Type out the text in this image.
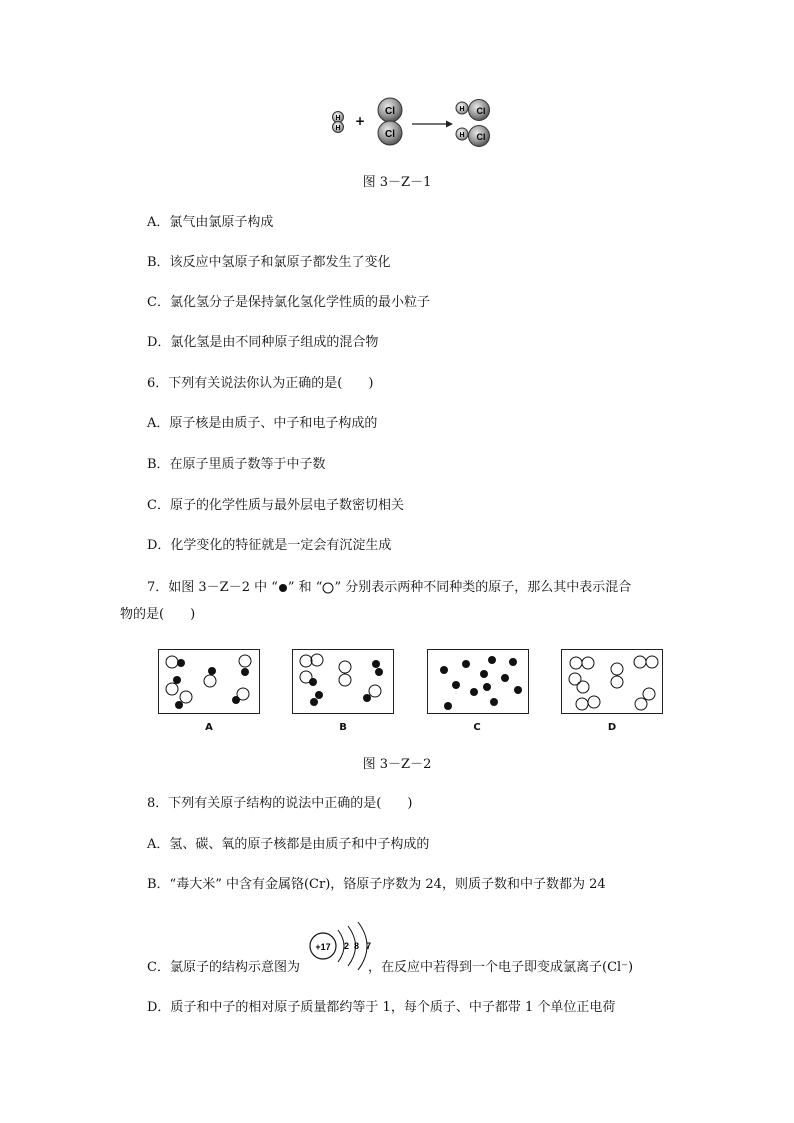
H
H
+
Cl
Cl
H Cl
H Cl
图 3－Z－1
A．氯气由氯原子构成
B．该反应中氢原子和氯原子都发生了变化
C．氯化氢分子是保持氯化氢化学性质的最小粒子
D．氯化氢是由不同种原子组成的混合物
6．下列有关说法你认为正确的是(　　)
A．原子核是由质子、中子和电子构成的
B．在原子里质子数等于中子数
C．原子的化学性质与最外层电子数密切相关
D．化学变化的特征就是一定会有沉淀生成
7．如图 3－Z－2 中 “ ” 和 “ ” 分别表示两种不同种类的原子，那么其中表示混合
物的是(　　)
A	B	C	D
图 3－Z－2
8．下列有关原子结构的说法中正确的是(　　)
A．氢、碳、氧的原子核都是由质子和中子构成的
B．“毒大米” 中含有金属铬(Cr)，铬原子序数为 24，则质子数和中子数都为 24
+17 2 8 7
C．氯原子的结构示意图为	，在反应中若得到一个电子即变成氯离子(Cl⁻)
D．质子和中子的相对原子质量都约等于 1，每个质子、中子都带 1 个单位正电荷
